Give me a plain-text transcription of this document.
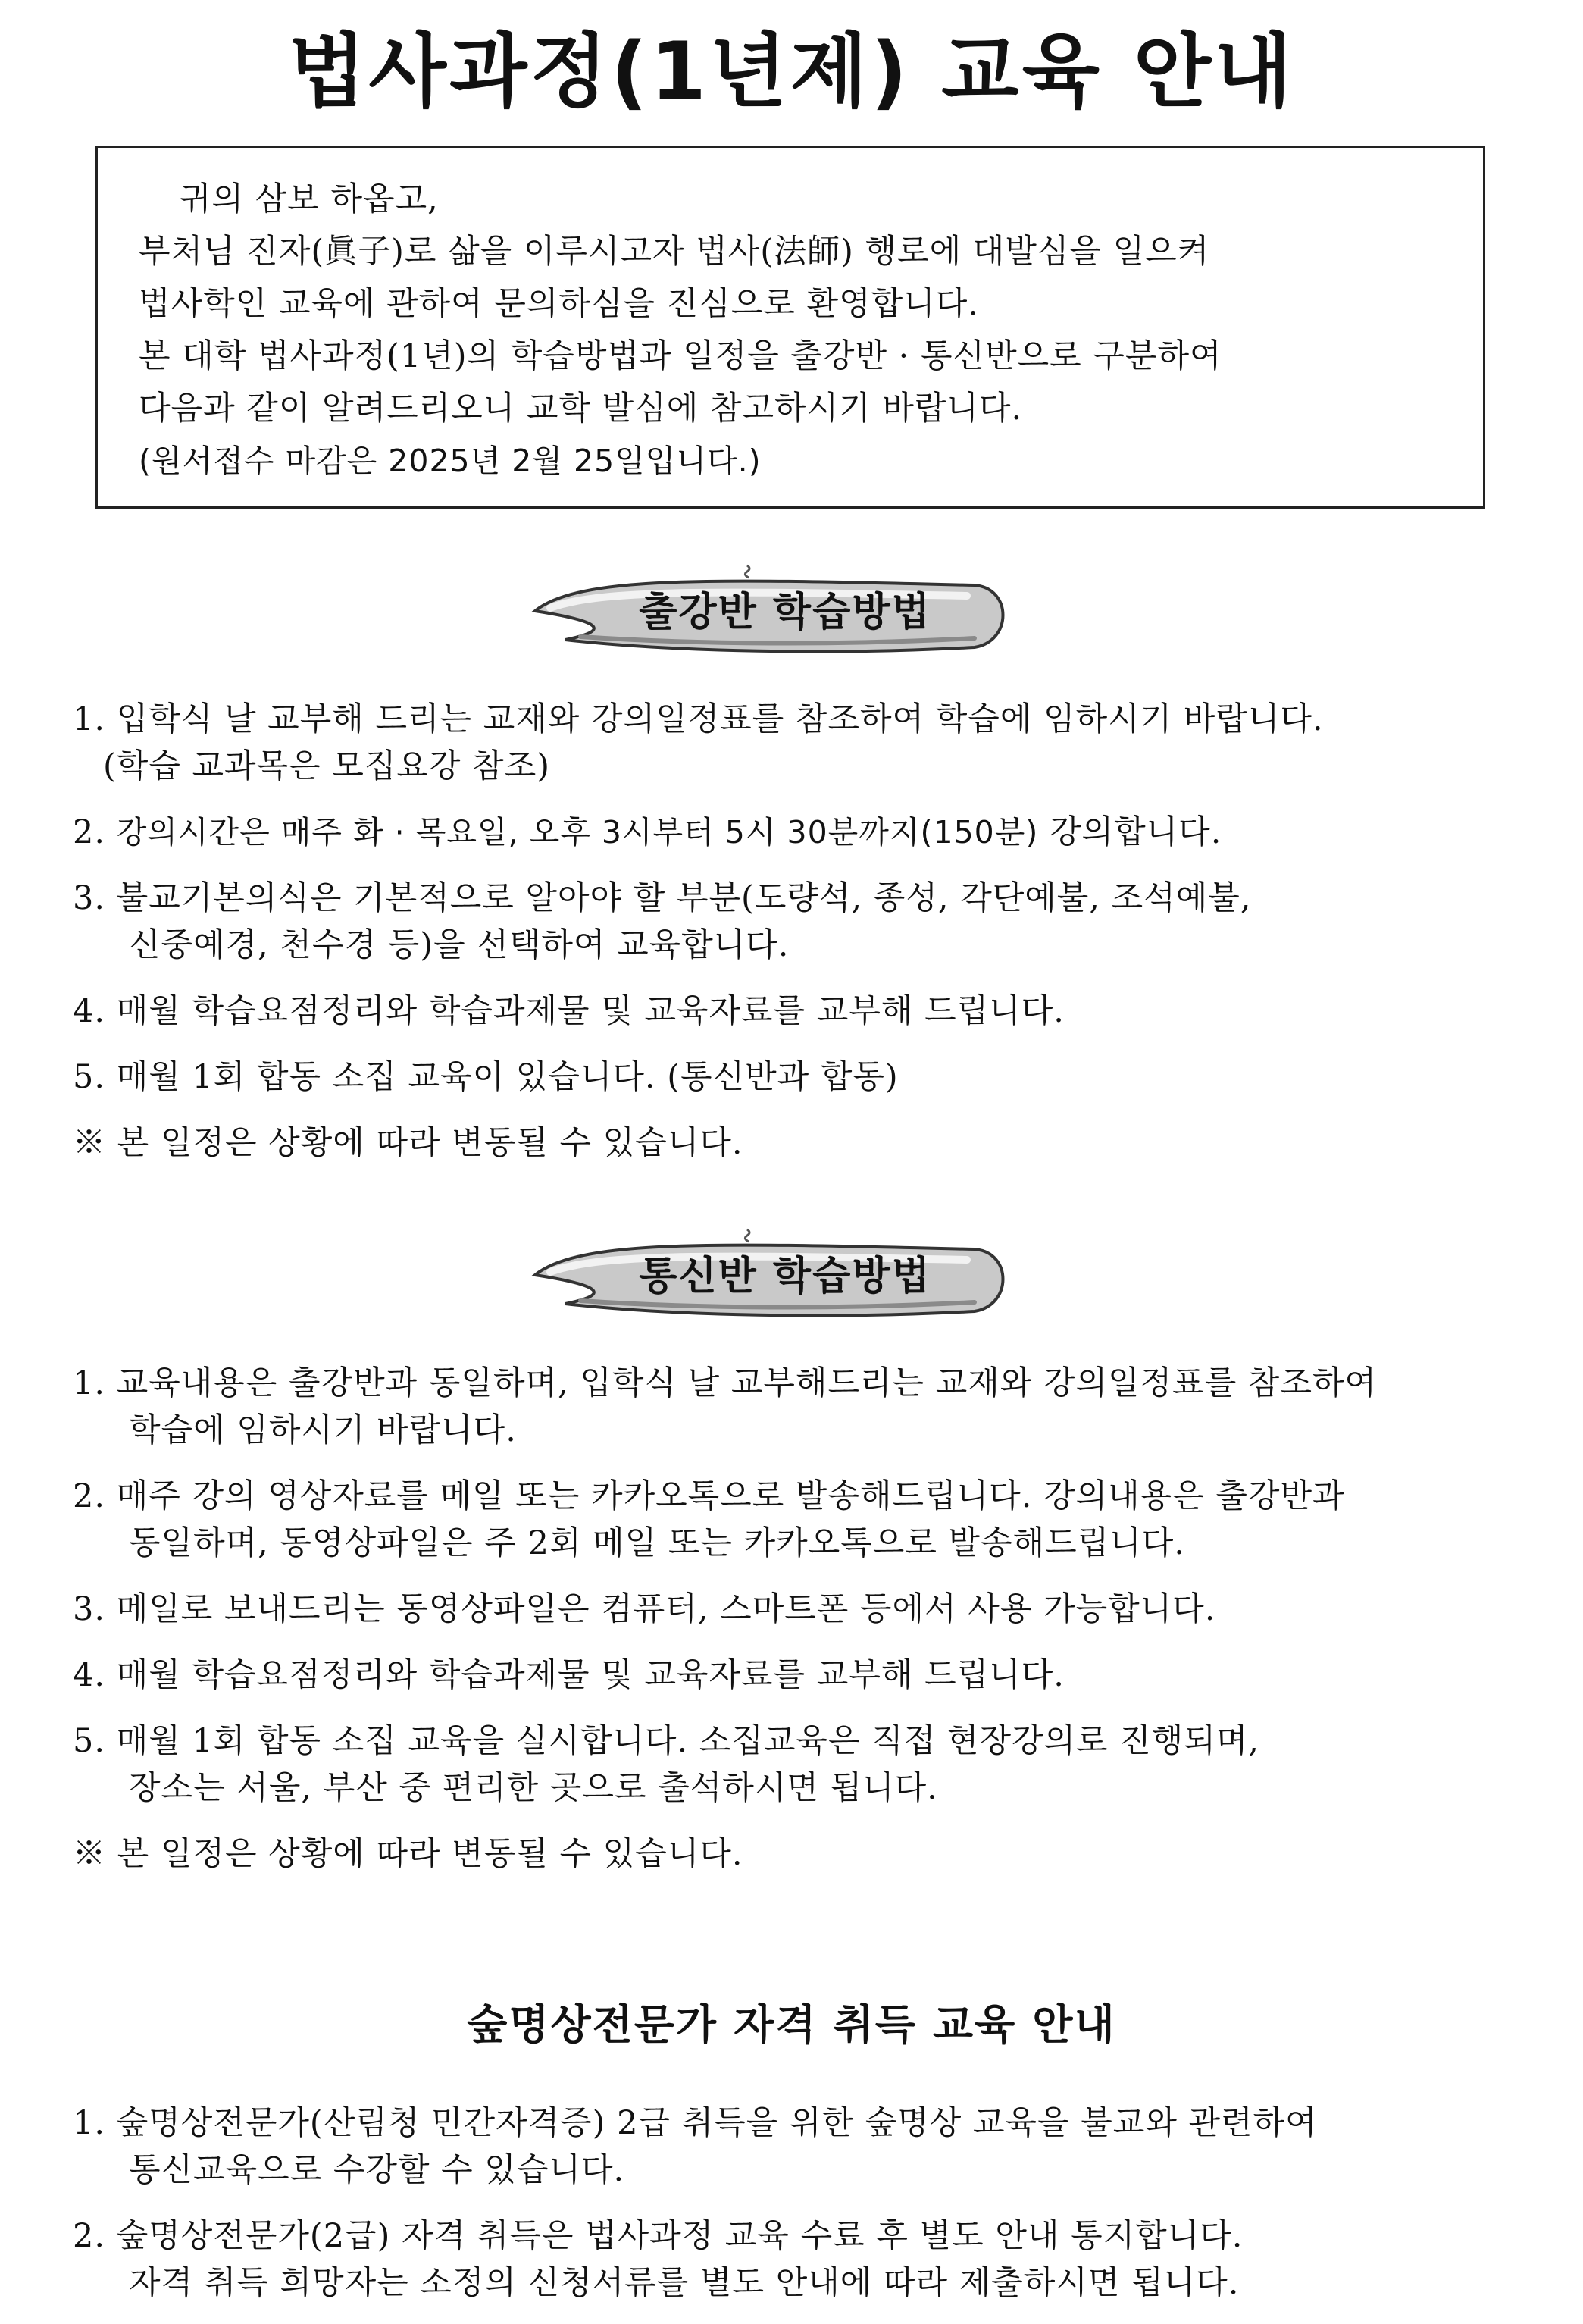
법사과정(1년제) 교육 안내
귀의 삼보 하옵고,
부처님 진자(眞子)로 삶을 이루시고자 법사(法師) 행로에 대발심을 일으켜
법사학인 교육에 관하여 문의하심을 진심으로 환영합니다.
본 대학 법사과정(1년)의 학습방법과 일정을 출강반 · 통신반으로 구분하여
다음과 같이 알려드리오니 교학 발심에 참고하시기 바랍니다.
(원서접수 마감은 2025년 2월 25일입니다.)
출강반 학습방법
1. 입학식 날 교부해 드리는 교재와 강의일정표를 참조하여 학습에 임하시기 바랍니다.
(학습 교과목은 모집요강 참조)
2. 강의시간은 매주 화 · 목요일, 오후 3시부터 5시 30분까지(150분) 강의합니다.
3. 불교기본의식은 기본적으로 알아야 할 부분(도량석, 종성, 각단예불, 조석예불,
신중예경, 천수경 등)을 선택하여 교육합니다.
4. 매월 학습요점정리와 학습과제물 및 교육자료를 교부해 드립니다.
5. 매월 1회 합동 소집 교육이 있습니다. (통신반과 합동)
※ 본 일정은 상황에 따라 변동될 수 있습니다.
통신반 학습방법
1. 교육내용은 출강반과 동일하며, 입학식 날 교부해드리는 교재와 강의일정표를 참조하여
학습에 임하시기 바랍니다.
2. 매주 강의 영상자료를 메일 또는 카카오톡으로 발송해드립니다. 강의내용은 출강반과
동일하며, 동영상파일은 주 2회 메일 또는 카카오톡으로 발송해드립니다.
3. 메일로 보내드리는 동영상파일은 컴퓨터, 스마트폰 등에서 사용 가능합니다.
4. 매월 학습요점정리와 학습과제물 및 교육자료를 교부해 드립니다.
5. 매월 1회 합동 소집 교육을 실시합니다. 소집교육은 직접 현장강의로 진행되며,
장소는 서울, 부산 중 편리한 곳으로 출석하시면 됩니다.
※ 본 일정은 상황에 따라 변동될 수 있습니다.
숲명상전문가 자격 취득 교육 안내
1. 숲명상전문가(산림청 민간자격증) 2급 취득을 위한 숲명상 교육을 불교와 관련하여
통신교육으로 수강할 수 있습니다.
2. 숲명상전문가(2급) 자격 취득은 법사과정 교육 수료 후 별도 안내 통지합니다.
자격 취득 희망자는 소정의 신청서류를 별도 안내에 따라 제출하시면 됩니다.
